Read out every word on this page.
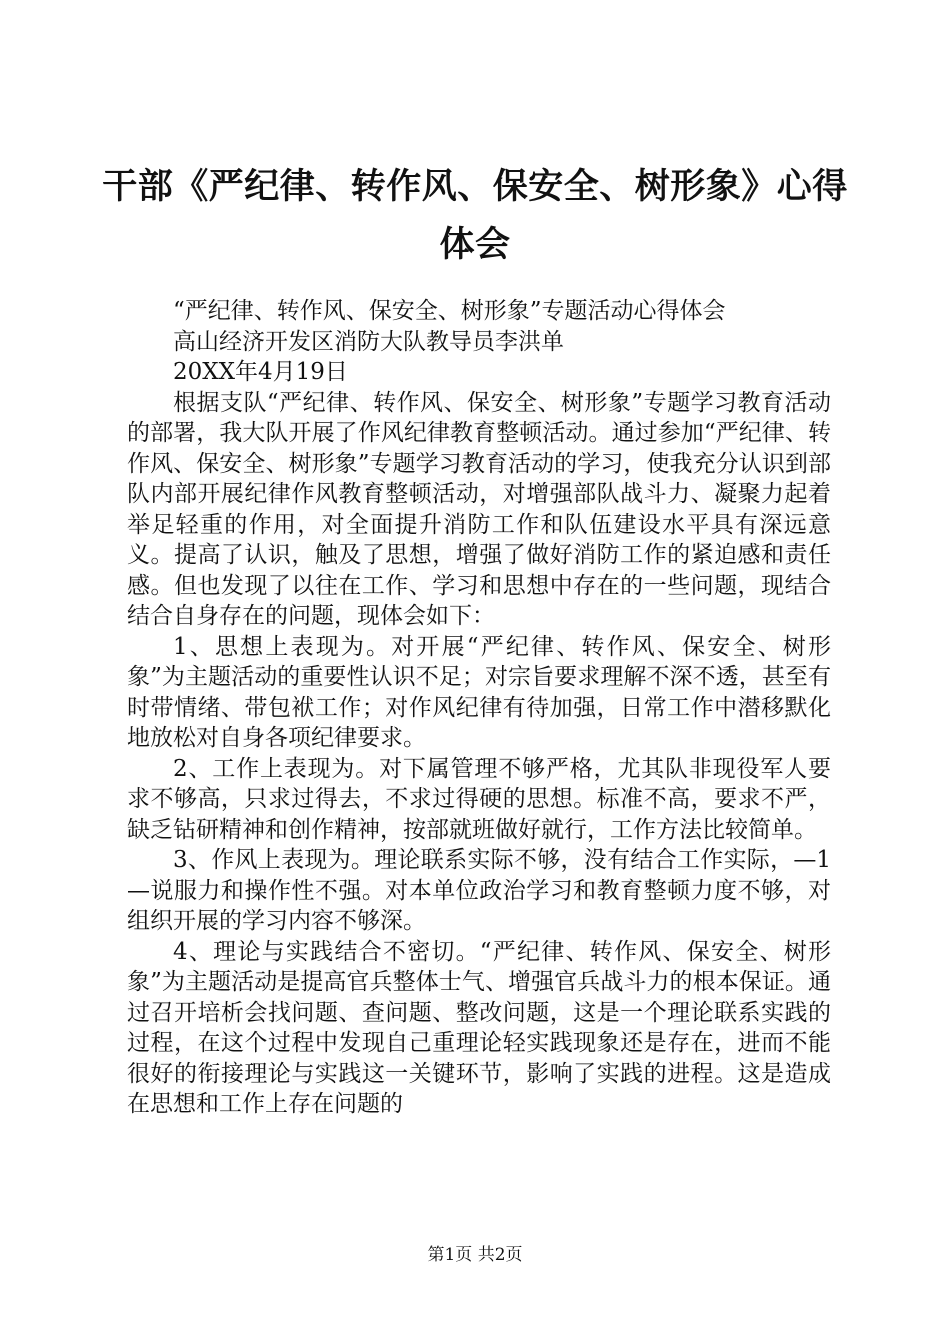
干部《严纪律、转作风、保安全、树形象》心得体会

“严纪律、转作风、保安全、树形象”专题活动心得体会

高山经济开发区消防大队教导员李洪单

20XX年4月19日

根据支队“严纪律、转作风、保安全、树形象”专题学习教育活动的部署，我大队开展了作风纪律教育整顿活动。通过参加“严纪律、转作风、保安全、树形象”专题学习教育活动的学习，使我充分认识到部队内部开展纪律作风教育整顿活动，对增强部队战斗力、凝聚力起着举足轻重的作用，对全面提升消防工作和队伍建设水平具有深远意义。提高了认识，触及了思想，增强了做好消防工作的紧迫感和责任感。但也发现了以往在工作、学习和思想中存在的一些问题，现结合结合自身存在的问题，现体会如下：

1、思想上表现为。对开展“严纪律、转作风、保安全、树形象”为主题活动的重要性认识不足；对宗旨要求理解不深不透，甚至有时带情绪、带包袱工作；对作风纪律有待加强，日常工作中潜移默化地放松对自身各项纪律要求。

2、工作上表现为。对下属管理不够严格，尤其队非现役军人要求不够高，只求过得去，不求过得硬的思想。标准不高，要求不严，缺乏钻研精神和创作精神，按部就班做好就行，工作方法比较简单。

3、作风上表现为。理论联系实际不够，没有结合工作实际，—1—说服力和操作性不强。对本单位政治学习和教育整顿力度不够，对组织开展的学习内容不够深。

4、理论与实践结合不密切。“严纪律、转作风、保安全、树形象”为主题活动是提高官兵整体士气、增强官兵战斗力的根本保证。通过召开培析会找问题、查问题、整改问题，这是一个理论联系实践的过程，在这个过程中发现自己重理论轻实践现象还是存在，进而不能很好的衔接理论与实践这一关键环节，影响了实践的进程。这是造成在思想和工作上存在问题的

第1页 共2页
